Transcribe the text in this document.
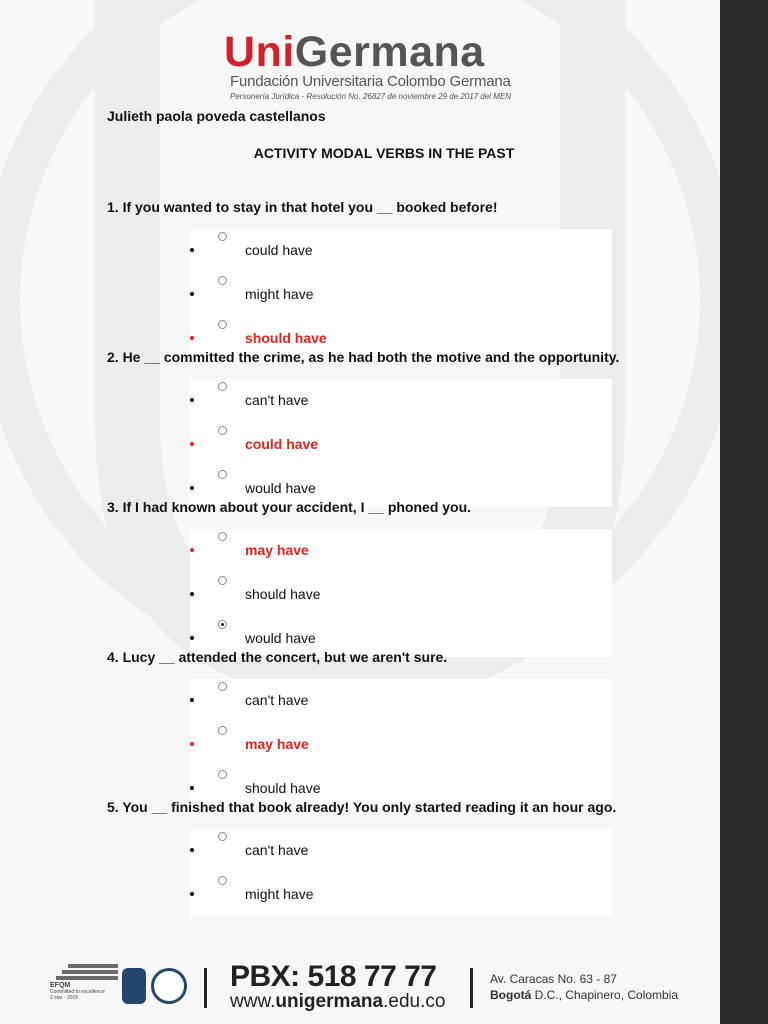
UniGermana
Fundación Universitaria Colombo Germana
Personería Jurídica - Resolución No. 26827 de noviembre 29 de 2017 del MEN
Julieth paola poveda castellanos
ACTIVITY MODAL VERBS IN THE PAST
1. If you wanted to stay in that hotel you __ booked before!
could have
might have
should have
2. He __ committed the crime, as he had both the motive and the opportunity.
can't have
could have
would have
3. If I had known about your accident, I __ phoned you.
may have
should have
would have
4. Lucy __ attended the concert, but we aren't sure.
can't have
may have
should have
5. You __ finished that book already! You only started reading it an hour ago.
can't have
might have
EFQM
Committed to excellence
2 star - 2015
PBX: 518 77 77
www.unigermana.edu.co
Av. Caracas No. 63 - 87
Bogotá D.C., Chapinero, Colombia
